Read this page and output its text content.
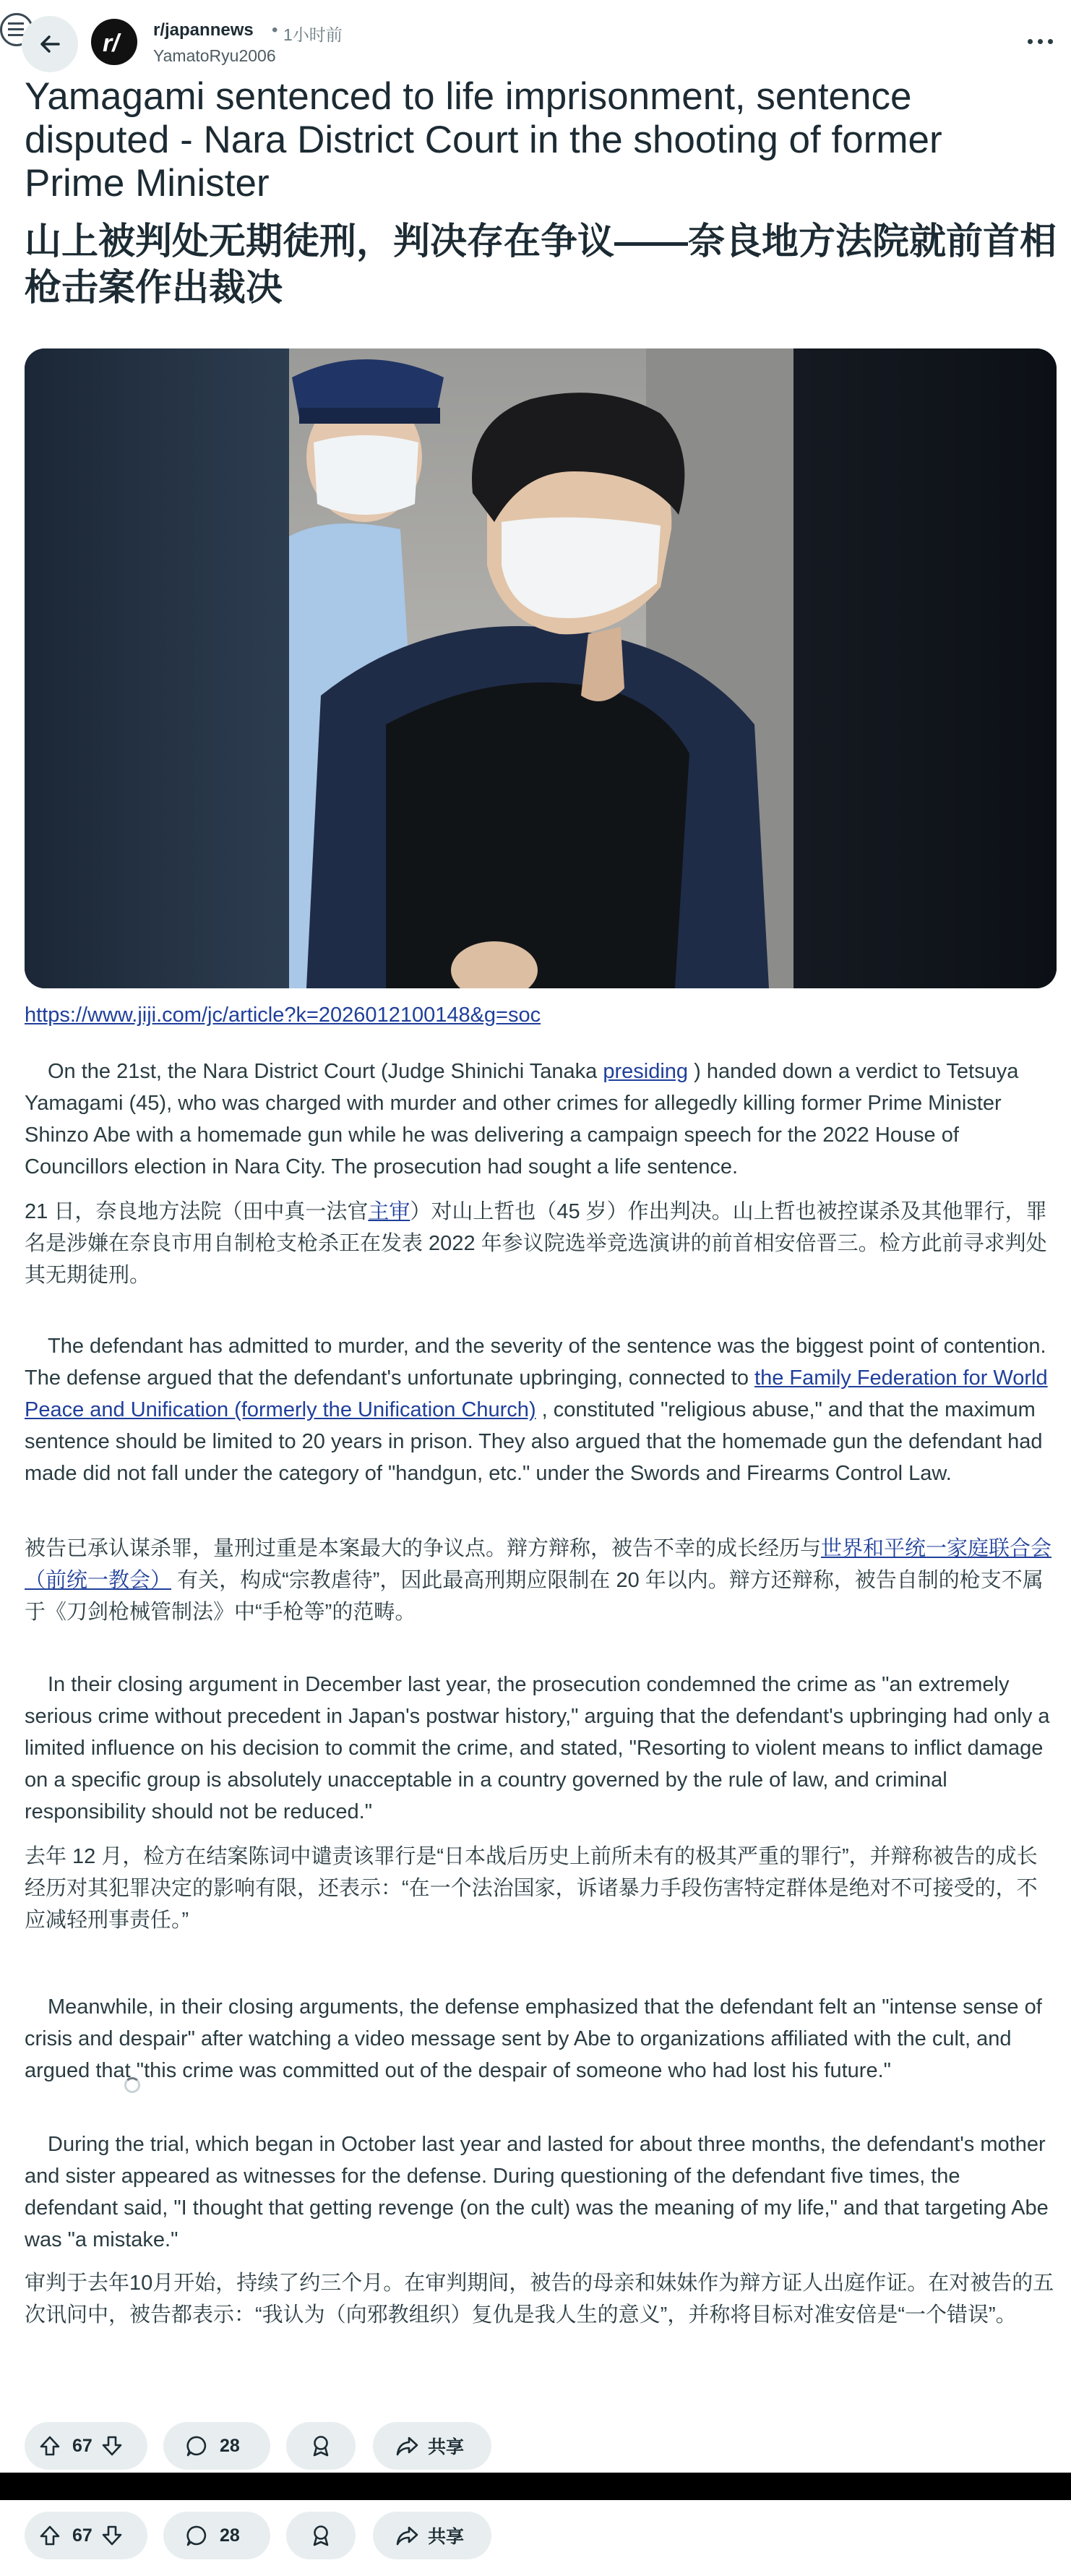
r/ r/japannews • 1小时前
YamatoRyu2006
Yamagami sentenced to life imprisonment, sentence disputed - Nara District Court in the shooting of former Prime Minister
山上被判处无期徒刑，判决存在争议——奈良地方法院就前首相枪击案作出裁决
https://www.jiji.com/jc/article?k=2026012100148&g=soc

On the 21st, the Nara District Court (Judge Shinichi Tanaka presiding ) handed down a verdict to Tetsuya Yamagami (45), who was charged with murder and other crimes for allegedly killing former Prime Minister Shinzo Abe with a homemade gun while he was delivering a campaign speech for the 2022 House of Councillors election in Nara City. The prosecution had sought a life sentence.

21 日，奈良地方法院（田中真一法官主审）对山上哲也（45 岁）作出判决。山上哲也被控谋杀及其他罪行，罪名是涉嫌在奈良市用自制枪支枪杀正在发表 2022 年参议院选举竞选演讲的前首相安倍晋三。检方此前寻求判处其无期徒刑。

The defendant has admitted to murder, and the severity of the sentence was the biggest point of contention. The defense argued that the defendant's unfortunate upbringing, connected to the Family Federation for World Peace and Unification (formerly the Unification Church) , constituted "religious abuse," and that the maximum sentence should be limited to 20 years in prison. They also argued that the homemade gun the defendant had made did not fall under the category of "handgun, etc." under the Swords and Firearms Control Law.

被告已承认谋杀罪，量刑过重是本案最大的争议点。辩方辩称，被告不幸的成长经历与世界和平统一家庭联合会（前统一教会） 有关，构成“宗教虐待”，因此最高刑期应限制在 20 年以内。辩方还辩称，被告自制的枪支不属于《刀剑枪械管制法》中“手枪等”的范畴。

In their closing argument in December last year, the prosecution condemned the crime as "an extremely serious crime without precedent in Japan's postwar history," arguing that the defendant's upbringing had only a limited influence on his decision to commit the crime, and stated, "Resorting to violent means to inflict damage on a specific group is absolutely unacceptable in a country governed by the rule of law, and criminal responsibility should not be reduced."

去年 12 月，检方在结案陈词中谴责该罪行是“日本战后历史上前所未有的极其严重的罪行”，并辩称被告的成长经历对其犯罪决定的影响有限，还表示：“在一个法治国家，诉诸暴力手段伤害特定群体是绝对不可接受的，不应减轻刑事责任。”

Meanwhile, in their closing arguments, the defense emphasized that the defendant felt an "intense sense of crisis and despair" after watching a video message sent by Abe to organizations affiliated with the cult, and argued that "this crime was committed out of the despair of someone who had lost his future."

During the trial, which began in October last year and lasted for about three months, the defendant's mother and sister appeared as witnesses for the defense. During questioning of the defendant five times, the defendant said, "I thought that getting revenge (on the cult) was the meaning of my life," and that targeting Abe was "a mistake."

审判于去年10月开始，持续了约三个月。在审判期间，被告的母亲和妹妹作为辩方证人出庭作证。在对被告的五次讯问中，被告都表示：“我认为（向邪教组织）复仇是我人生的意义”，并称将目标对准安倍是“一个错误”。

67	28	共享
67	28	共享
